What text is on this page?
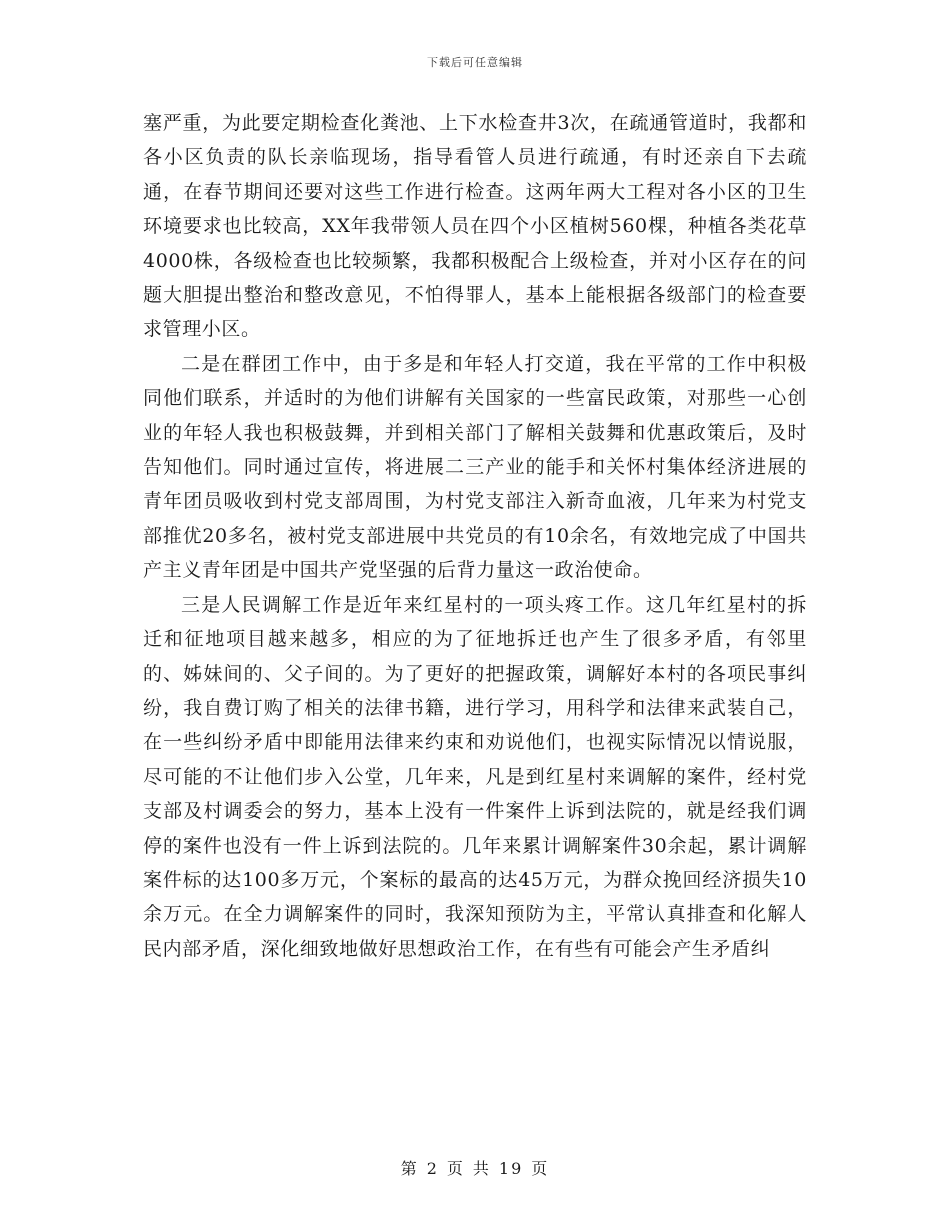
下载后可任意编辑

塞严重，为此要定期检查化粪池、上下水检查井3次，在疏通管道时，我都和各小区负责的队长亲临现场，指导看管人员进行疏通，有时还亲自下去疏通，在春节期间还要对这些工作进行检查。这两年两大工程对各小区的卫生环境要求也比较高，XX年我带领人员在四个小区植树560棵，种植各类花草4000株，各级检查也比较频繁，我都积极配合上级检查，并对小区存在的问题大胆提出整治和整改意见，不怕得罪人，基本上能根据各级部门的检查要求管理小区。

二是在群团工作中，由于多是和年轻人打交道，我在平常的工作中积极同他们联系，并适时的为他们讲解有关国家的一些富民政策，对那些一心创业的年轻人我也积极鼓舞，并到相关部门了解相关鼓舞和优惠政策后，及时告知他们。同时通过宣传，将进展二三产业的能手和关怀村集体经济进展的青年团员吸收到村党支部周围，为村党支部注入新奇血液，几年来为村党支部推优20多名，被村党支部进展中共党员的有10余名，有效地完成了中国共产主义青年团是中国共产党坚强的后背力量这一政治使命。

三是人民调解工作是近年来红星村的一项头疼工作。这几年红星村的拆迁和征地项目越来越多，相应的为了征地拆迁也产生了很多矛盾，有邻里的、姊妹间的、父子间的。为了更好的把握政策，调解好本村的各项民事纠纷，我自费订购了相关的法律书籍，进行学习，用科学和法律来武装自己，在一些纠纷矛盾中即能用法律来约束和劝说他们，也视实际情况以情说服，尽可能的不让他们步入公堂，几年来，凡是到红星村来调解的案件，经村党支部及村调委会的努力，基本上没有一件案件上诉到法院的，就是经我们调停的案件也没有一件上诉到法院的。几年来累计调解案件30余起，累计调解案件标的达100多万元，个案标的最高的达45万元，为群众挽回经济损失10余万元。在全力调解案件的同时，我深知预防为主，平常认真排查和化解人民内部矛盾，深化细致地做好思想政治工作，在有些有可能会产生矛盾纠

第 2 页 共 19 页
